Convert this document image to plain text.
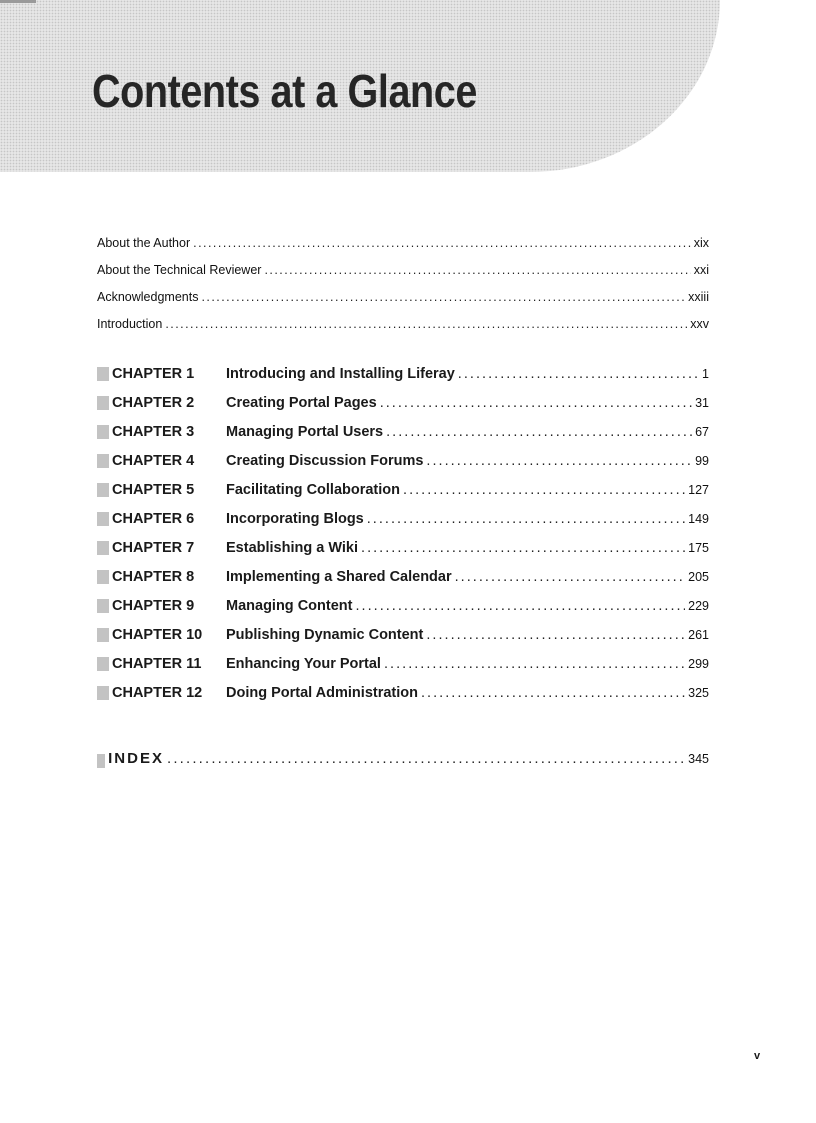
Contents at a Glance
About the Author . . .	xix
About the Technical Reviewer . . .	xxi
Acknowledgments . . .	xxiii
Introduction . . .	xxv
CHAPTER 1 Introducing and Installing Liferay . . .	1
CHAPTER 2 Creating Portal Pages . . .	31
CHAPTER 3 Managing Portal Users . . .	67
CHAPTER 4 Creating Discussion Forums . . .	99
CHAPTER 5 Facilitating Collaboration . . .	127
CHAPTER 6 Incorporating Blogs . . .	149
CHAPTER 7 Establishing a Wiki . . .	175
CHAPTER 8 Implementing a Shared Calendar . . .	205
CHAPTER 9 Managing Content . . .	229
CHAPTER 10 Publishing Dynamic Content . . .	261
CHAPTER 11 Enhancing Your Portal . . .	299
CHAPTER 12 Doing Portal Administration . . .	325
INDEX . . .	345
v
